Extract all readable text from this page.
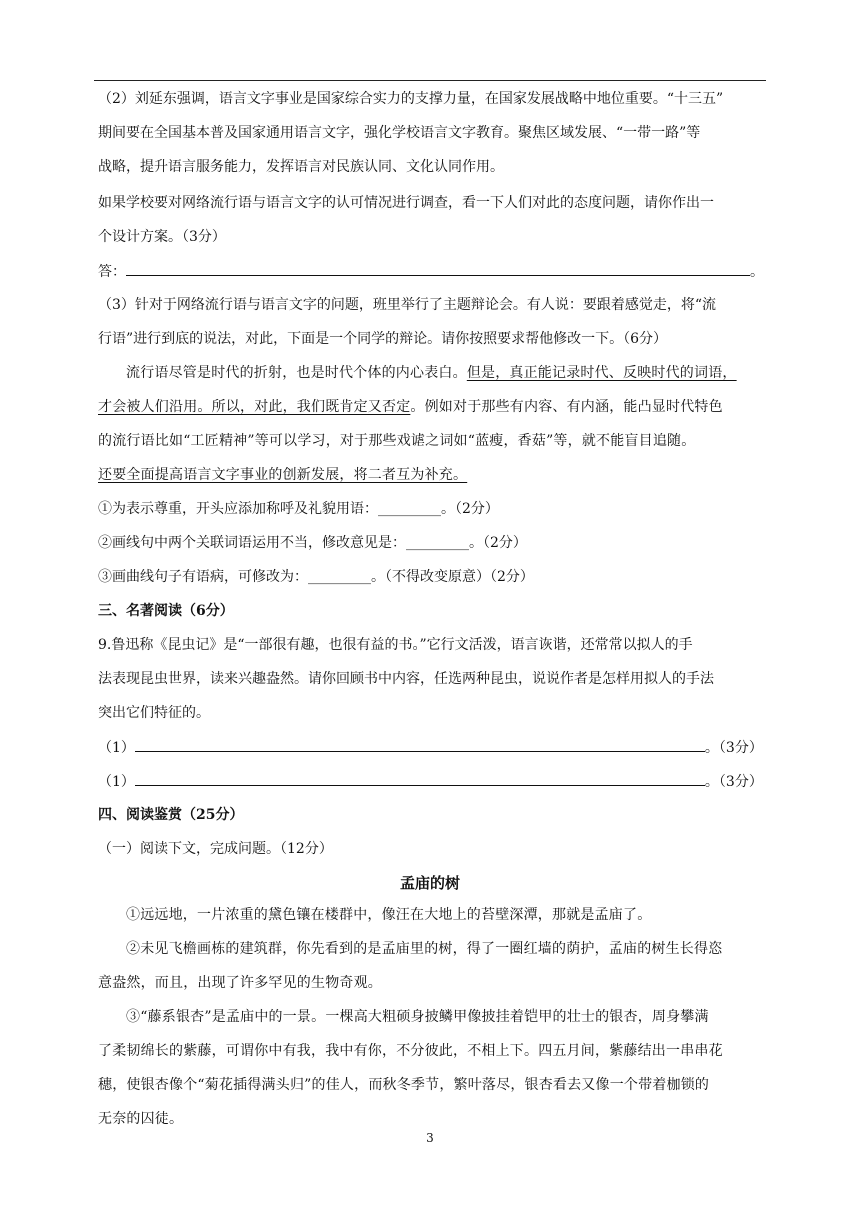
（2）刘延东强调，语言文字事业是国家综合实力的支撑力量，在国家发展战略中地位重要。“十三五”
期间要在全国基本普及国家通用语言文字，强化学校语言文字教育。聚焦区域发展、“一带一路”等
战略，提升语言服务能力，发挥语言对民族认同、文化认同作用。
如果学校要对网络流行语与语言文字的认可情况进行调查，看一下人们对此的态度问题，请你作出一
个设计方案。（3分）
答：	。
（3）针对于网络流行语与语言文字的问题，班里举行了主题辩论会。有人说：要跟着感觉走，将“流
行语”进行到底的说法，对此，下面是一个同学的辩论。请你按照要求帮他修改一下。（6分）
流行语尽管是时代的折射，也是时代个体的内心表白。但是，真正能记录时代、反映时代的词语，
才会被人们沿用。所以，对此，我们既肯定又否定。例如对于那些有内容、有内涵，能凸显时代特色
的流行语比如“工匠精神”等可以学习，对于那些戏谑之词如“蓝瘦，香菇”等，就不能盲目追随。
还要全面提高语言文字事业的创新发展，将二者互为补充。
①为表示尊重，开头应添加称呼及礼貌用语：_________。（2分）
②画线句中两个关联词语运用不当，修改意见是：_________。（2分）
③画曲线句子有语病，可修改为：_________。（不得改变原意）（2分）
三、名著阅读（6分）
9.鲁迅称《昆虫记》是“一部很有趣，也很有益的书。”它行文活泼，语言诙谐，还常常以拟人的手
法表现昆虫世界，读来兴趣盎然。请你回顾书中内容，任选两种昆虫，说说作者是怎样用拟人的手法
突出它们特征的。
（1）	。（3分）
（1）	。（3分）
四、阅读鉴赏（25分）
（一）阅读下文，完成问题。（12分）
孟庙的树
①远远地，一片浓重的黛色镶在楼群中，像汪在大地上的苔壁深潭，那就是孟庙了。
②未见飞檐画栋的建筑群，你先看到的是孟庙里的树，得了一圈红墙的荫护，孟庙的树生长得恣
意盎然，而且，出现了许多罕见的生物奇观。
③“藤系银杏”是孟庙中的一景。一棵高大粗硕身披鳞甲像披挂着铠甲的壮士的银杏，周身攀满
了柔韧绵长的紫藤，可谓你中有我，我中有你，不分彼此，不相上下。四五月间，紫藤结出一串串花
穗，使银杏像个“菊花插得满头归”的佳人，而秋冬季节，繁叶落尽，银杏看去又像一个带着枷锁的
无奈的囚徒。
3
